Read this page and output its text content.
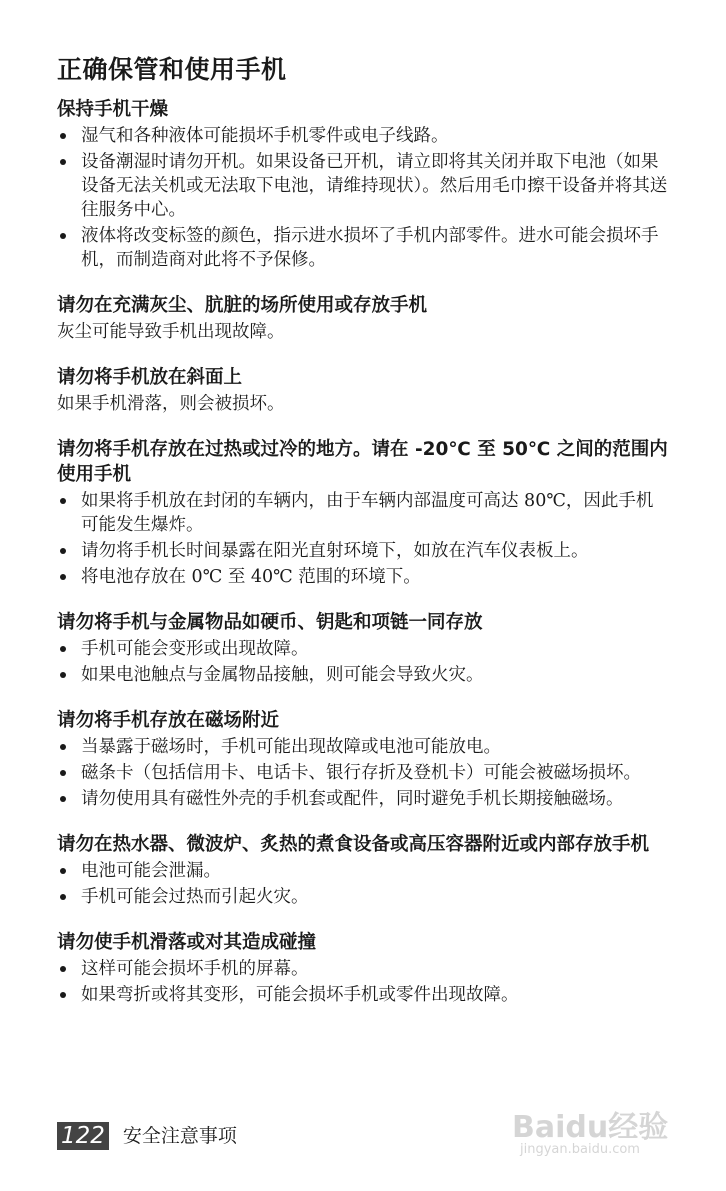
正确保管和使用手机
保持手机干燥
湿气和各种液体可能损坏手机零件或电子线路。
设备潮湿时请勿开机。如果设备已开机，请立即将其关闭并取下电池（如果设备无法关机或无法取下电池，请维持现状）。然后用毛巾擦干设备并将其送往服务中心。
液体将改变标签的颜色，指示进水损坏了手机内部零件。进水可能会损坏手机，而制造商对此将不予保修。
请勿在充满灰尘、肮脏的场所使用或存放手机

灰尘可能导致手机出现故障。

请勿将手机放在斜面上

如果手机滑落，则会被损坏。

请勿将手机存放在过热或过冷的地方。请在 -20℃ 至 50℃ 之间的范围内使用手机
如果将手机放在封闭的车辆内，由于车辆内部温度可高达 80℃，因此手机可能发生爆炸。
请勿将手机长时间暴露在阳光直射环境下，如放在汽车仪表板上。
将电池存放在 0℃ 至 40℃ 范围的环境下。
请勿将手机与金属物品如硬币、钥匙和项链一同存放
手机可能会变形或出现故障。
如果电池触点与金属物品接触，则可能会导致火灾。
请勿将手机存放在磁场附近
当暴露于磁场时，手机可能出现故障或电池可能放电。
磁条卡（包括信用卡、电话卡、银行存折及登机卡）可能会被磁场损坏。
请勿使用具有磁性外壳的手机套或配件，同时避免手机长期接触磁场。
请勿在热水器、微波炉、炙热的煮食设备或高压容器附近或内部存放手机
电池可能会泄漏。
手机可能会过热而引起火灾。
请勿使手机滑落或对其造成碰撞
这样可能会损坏手机的屏幕。
如果弯折或将其变形，可能会损坏手机或零件出现故障。
122 安全注意事项	Baidu经验
jingyan.baidu.com
